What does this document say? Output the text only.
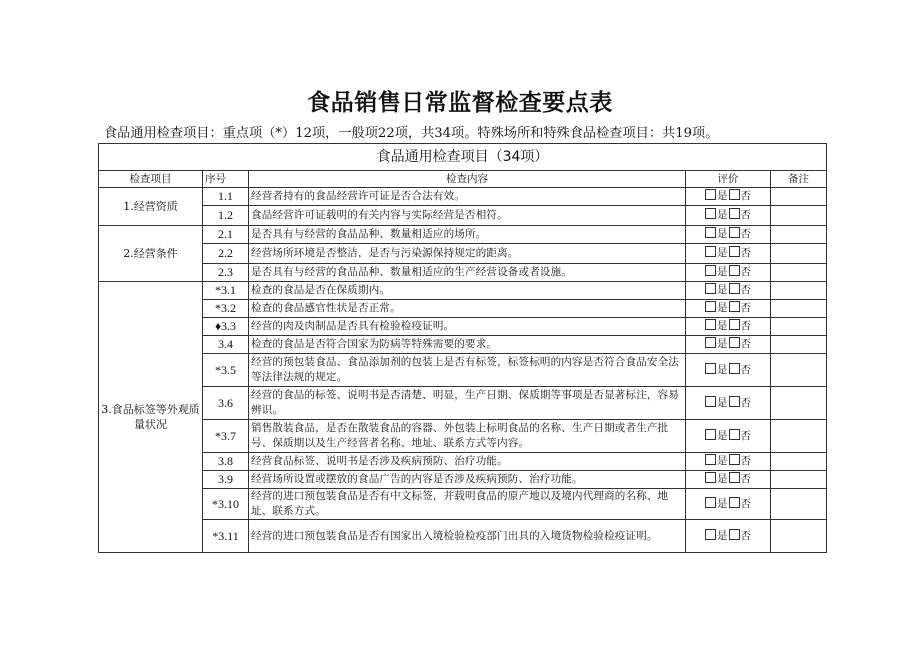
食品销售日常监督检查要点表
食品通用检查项目：重点项（*）12项，一般项22项，共34项。特殊场所和特殊食品检查项目：共19项。
食品通用检查项目（34项）				
检查项目	序号	检查内容	评价	备注
1.经营资质	1.1	经营者持有的食品经营许可证是否合法有效。	是 否	
	1.2	食品经营许可证载明的有关内容与实际经营是否相符。	是 否	
2.经营条件	2.1	是否具有与经营的食品品种、数量相适应的场所。	是 否	
	2.2	经营场所环境是否整洁，是否与污染源保持规定的距离。	是 否	
	2.3	是否具有与经营的食品品种、数量相适应的生产经营设备或者设施。	是 否	
3.食品标签等外观质量状况	*3.1	检查的食品是否在保质期内。	是 否	
	*3.2	检查的食品感官性状是否正常。	是 否	
	♦3.3	经营的肉及肉制品是否具有检验检疫证明。	是 否	
	3.4	检查的食品是否符合国家为防病等特殊需要的要求。	是 否	
	*3.5	经营的预包装食品、食品添加剂的包装上是否有标签，标签标明的内容是否符合食品安全法等法律法规的规定。	是 否	
	3.6	经营的食品的标签、说明书是否清楚、明显，生产日期、保质期等事项是否显著标注，容易辨识。	是 否	
	*3.7	销售散装食品，是否在散装食品的容器、外包装上标明食品的名称、生产日期或者生产批号、保质期以及生产经营者名称、地址、联系方式等内容。	是 否	
	3.8	经营食品标签、说明书是否涉及疾病预防、治疗功能。	是 否	
	3.9	经营场所设置或摆放的食品广告的内容是否涉及疾病预防、治疗功能。	是 否	
	*3.10	经营的进口预包装食品是否有中文标签，并载明食品的原产地以及境内代理商的名称、地址、联系方式。	是 否	
	*3.11	经营的进口预包装食品是否有国家出入境检验检疫部门出具的入境货物检验检疫证明。	是 否	
